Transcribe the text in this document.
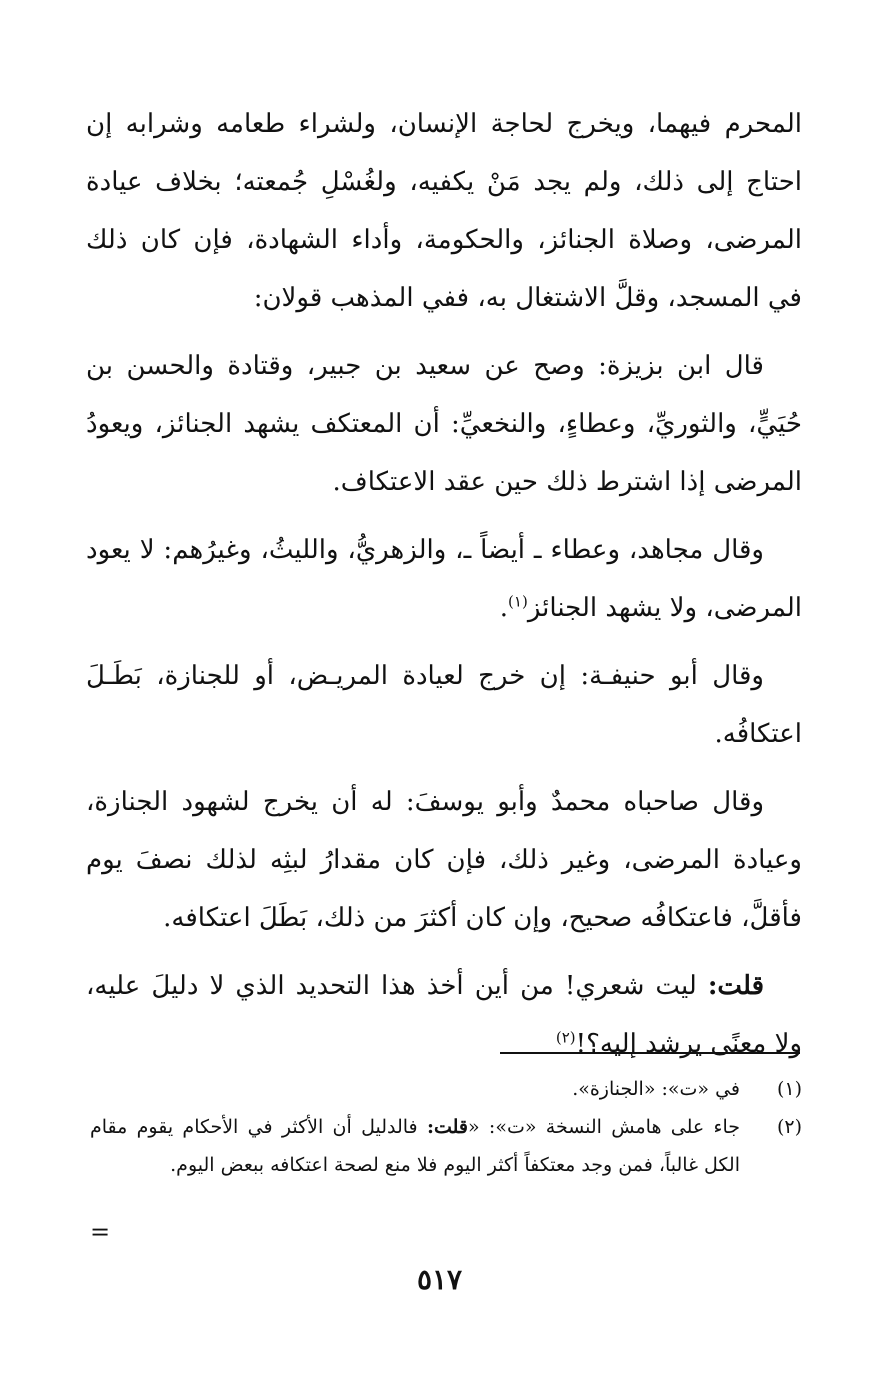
المحرم فيهما، ويخرج لحاجة الإنسان، ولشراء طعامه وشرابه إن احتاج إلى ذلك، ولم يجد مَنْ يكفيه، ولغُسْلِ جُمعته؛ بخلاف عيادة المرضى، وصلاة الجنائز، والحكومة، وأداء الشهادة، فإن كان ذلك في المسجد، وقلَّ الاشتغال به، ففي المذهب قولان:

قال ابن بزيزة: وصح عن سعيد بن جبير، وقتادة والحسن بن حُيَيٍّ، والثوريِّ، وعطاءٍ، والنخعيِّ: أن المعتكف يشهد الجنائز، ويعودُ المرضى إذا اشترط ذلك حين عقد الاعتكاف.

وقال مجاهد، وعطاء ـ أيضاً ـ، والزهريُّ، والليثُ، وغيرُهم: لا يعود المرضى، ولا يشهد الجنائز$^{(١)}$.

وقال أبو حنيفـة: إن خرج لعيادة المريـض، أو للجنازة، بَطَـلَ اعتكافُه.

وقال صاحباه محمدٌ وأبو يوسفَ: له أن يخرج لشهود الجنازة، وعيادة المرضى، وغير ذلك، فإن كان مقدارُ لبثِه لذلك نصفَ يوم فأقلَّ، فاعتكافُه صحيح، وإن كان أكثرَ من ذلك، بَطَلَ اعتكافه.

قلت: ليت شعري! من أين أخذ هذا التحديد الذي لا دليلَ عليه، ولا معنًى يرشد إليه؟!$^{(٢)}$

(١)
في «ت»: «الجنازة».

(٢)
جاء على هامش النسخة «ت»: «قلت: فالدليل أن الأكثر في الأحكام يقوم مقام الكل غالباً، فمن وجد معتكفاً أكثر اليوم فلا منع لصحة اعتكافه ببعض اليوم.

=
٥١٧
